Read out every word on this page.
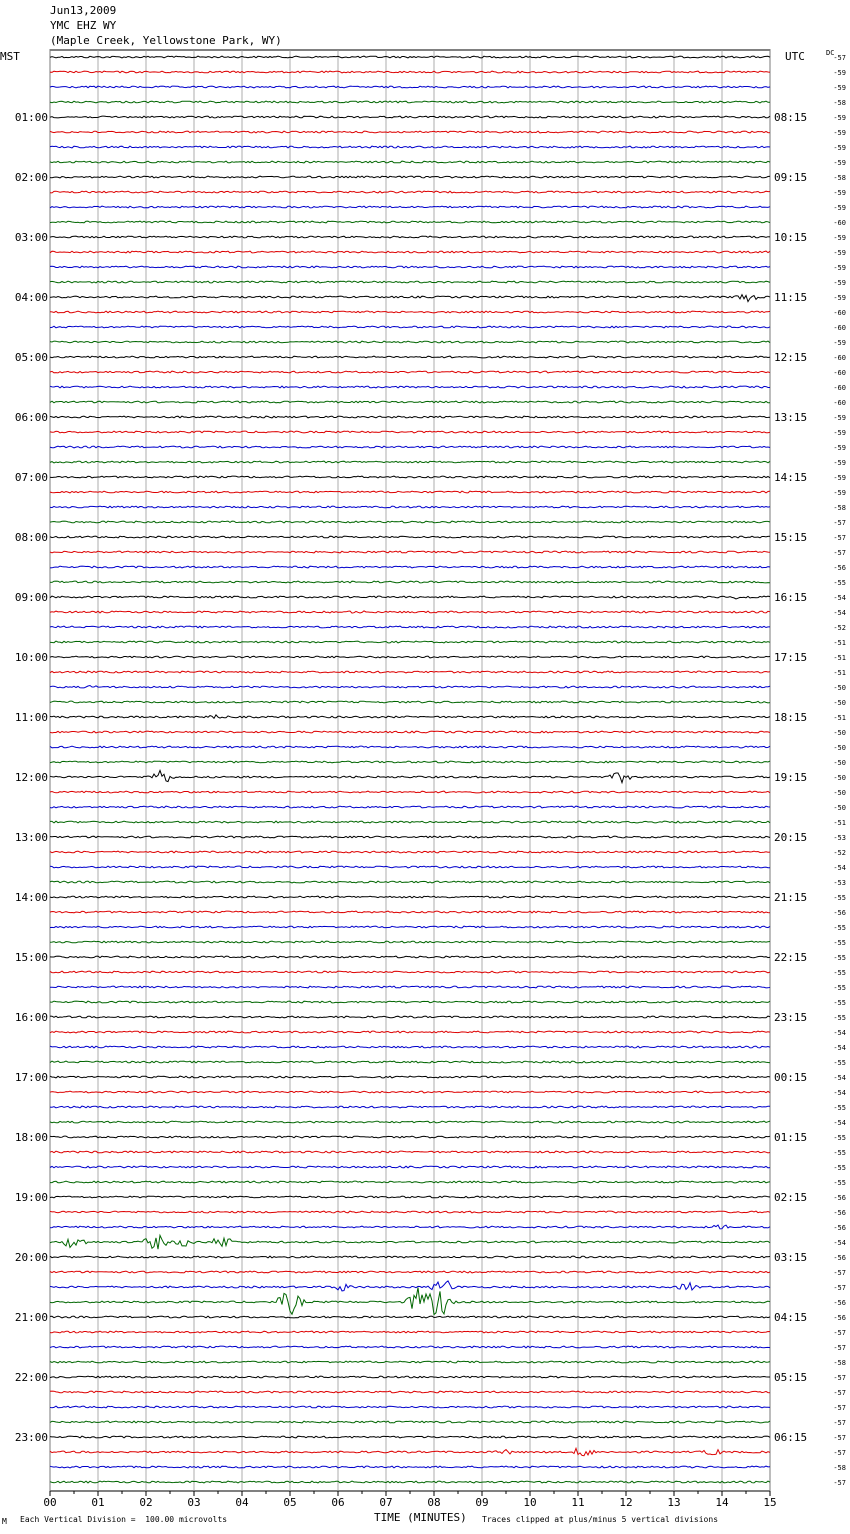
Jun13,2009
YMC EHZ WY
(Maple Creek, Yellowstone Park, WY)
MST	UTC	DC
00	01	02	03	04	05	06	07	08	09	10	11	12	13	14	15
-57
-59
-59
-58
01:00	08:15	-59
-59
-59
-59
02:00	09:15	-58
-59
-59
-60
03:00	10:15	-59
-59
-59
-59
04:00	11:15	-59
-60
-60
-59
05:00	12:15	-60
-60
-60
-60
06:00	13:15	-59
-59
-59
-59
07:00	14:15	-59
-59
-58
-57
08:00	15:15	-57
-57
-56
-55
09:00	16:15	-54
-54
-52
-51
10:00	17:15	-51
-51
-50
-50
11:00	18:15	-51
-50
-50
-50
12:00	19:15	-50
-50
-50
-51
13:00	20:15	-53
-52
-54
-53
14:00	21:15	-55
-56
-55
-55
15:00	22:15	-55
-55
-55
-55
16:00	23:15	-55
-54
-54
-55
17:00	00:15	-54
-54
-55
-54
18:00	01:15	-55
-55
-55
-55
19:00	02:15	-56
-56
-56
-54
20:00	03:15	-56
-57
-57
-56
21:00	04:15	-56
-57
-57
-58
22:00	05:15	-57
-57
-57
-57
23:00	06:15	-57
-57
-58
-57
M Each Vertical Division =  100.00 microvolts	TIME (MINUTES) Traces clipped at plus/minus 5 vertical divisions
